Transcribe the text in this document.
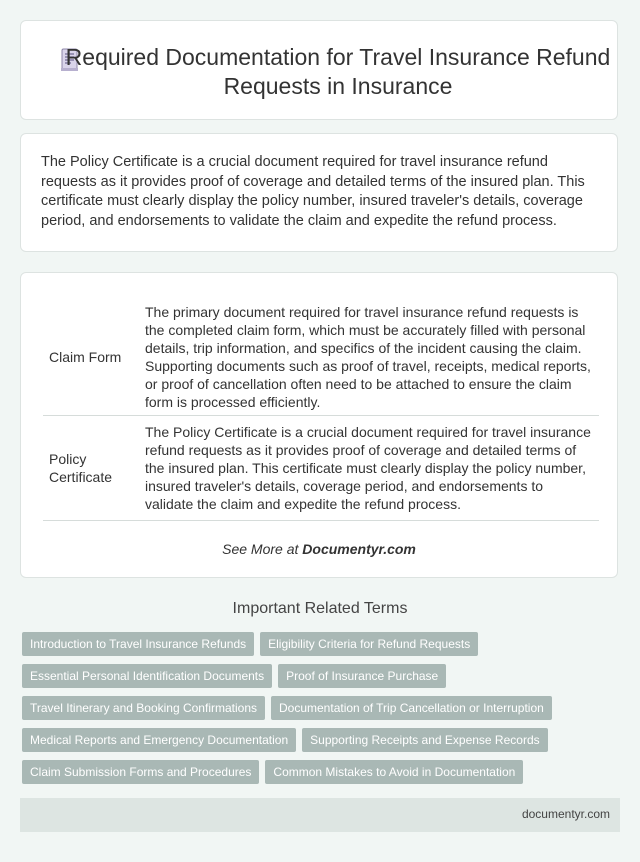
Required Documentation for Travel Insurance Refund Requests in Insurance

The Policy Certificate is a crucial document required for travel insurance refund requests as it provides proof of coverage and detailed terms of the insured plan. This certificate must clearly display the policy number, insured traveler's details, coverage period, and endorsements to validate the claim and expedite the refund process.

Claim Form	The primary document required for travel insurance refund requests is the completed claim form, which must be accurately filled with personal details, trip information, and specifics of the incident causing the claim. Supporting documents such as proof of travel, receipts, medical reports, or proof of cancellation often need to be attached to ensure the claim form is processed efficiently.
Policy Certificate	The Policy Certificate is a crucial document required for travel insurance refund requests as it provides proof of coverage and detailed terms of the insured plan. This certificate must clearly display the policy number, insured traveler's details, coverage period, and endorsements to validate the claim and expedite the refund process.
See More at Documentyr.com
Important Related Terms
Introduction to Travel Insurance Refunds	Eligibility Criteria for Refund Requests
Essential Personal Identification Documents	Proof of Insurance Purchase
Travel Itinerary and Booking Confirmations	Documentation of Trip Cancellation or Interruption
Medical Reports and Emergency Documentation	Supporting Receipts and Expense Records
Claim Submission Forms and Procedures	Common Mistakes to Avoid in Documentation
documentyr.com
